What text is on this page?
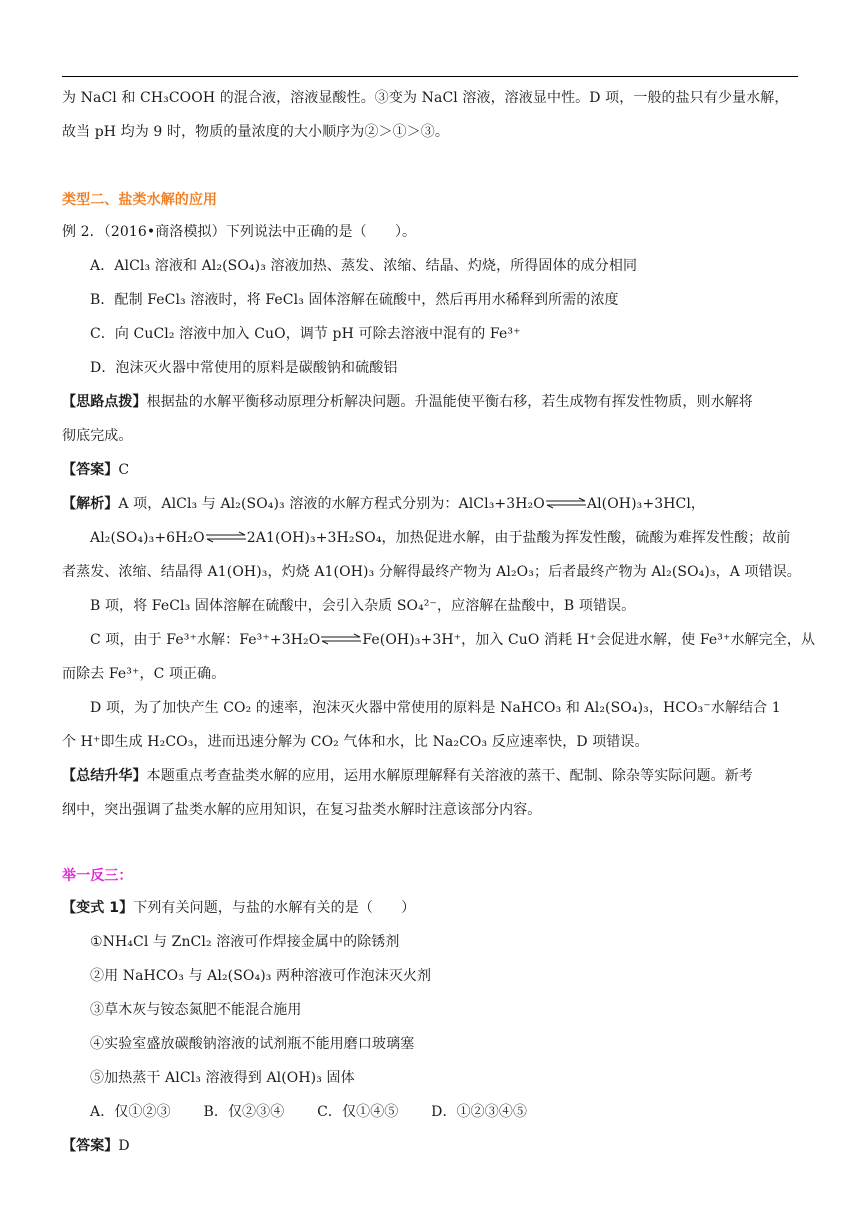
为 NaCl 和 CH₃COOH 的混合液，溶液显酸性。③变为 NaCl 溶液，溶液显中性。D 项，一般的盐只有少量水解，
故当 pH 均为 9 时，物质的量浓度的大小顺序为②＞①＞③。
类型二、盐类水解的应用
例 2．（2016•商洛模拟）下列说法中正确的是（　　）。
A．AlCl₃ 溶液和 Al₂(SO₄)₃ 溶液加热、蒸发、浓缩、结晶、灼烧，所得固体的成分相同
B．配制 FeCl₃ 溶液时，将 FeCl₃ 固体溶解在硫酸中，然后再用水稀释到所需的浓度
C．向 CuCl₂ 溶液中加入 CuO，调节 pH 可除去溶液中混有的 Fe³⁺
D．泡沫灭火器中常使用的原料是碳酸钠和硫酸铝
【思路点拨】根据盐的水解平衡移动原理分析解决问题。升温能使平衡右移，若生成物有挥发性物质，则水解将
彻底完成。
【答案】C
【解析】A 项，AlCl₃ 与 Al₂(SO₄)₃ 溶液的水解方程式分别为：AlCl₃+3H₂O⇌Al(OH)₃+3HCl，
Al₂(SO₄)₃+6H₂O⇌2A1(OH)₃+3H₂SO₄，加热促进水解，由于盐酸为挥发性酸，硫酸为难挥发性酸；故前
者蒸发、浓缩、结晶得 A1(OH)₃，灼烧 A1(OH)₃ 分解得最终产物为 Al₂O₃；后者最终产物为 Al₂(SO₄)₃，A 项错误。
B 项，将 FeCl₃ 固体溶解在硫酸中，会引入杂质 SO₄²⁻，应溶解在盐酸中，B 项错误。
C 项，由于 Fe³⁺水解：Fe³⁺+3H₂O⇌Fe(OH)₃+3H⁺，加入 CuO 消耗 H⁺会促进水解，使 Fe³⁺水解完全，从
而除去 Fe³⁺，C 项正确。
D 项，为了加快产生 CO₂ 的速率，泡沫灭火器中常使用的原料是 NaHCO₃ 和 Al₂(SO₄)₃，HCO₃⁻水解结合 1
个 H⁺即生成 H₂CO₃，进而迅速分解为 CO₂ 气体和水，比 Na₂CO₃ 反应速率快，D 项错误。
【总结升华】本题重点考查盐类水解的应用，运用水解原理解释有关溶液的蒸干、配制、除杂等实际问题。新考
纲中，突出强调了盐类水解的应用知识，在复习盐类水解时注意该部分内容。
举一反三：
【变式 1】下列有关问题，与盐的水解有关的是（　　）
①NH₄Cl 与 ZnCl₂ 溶液可作焊接金属中的除锈剂
②用 NaHCO₃ 与 Al₂(SO₄)₃ 两种溶液可作泡沫灭火剂
③草木灰与铵态氮肥不能混合施用
④实验室盛放碳酸钠溶液的试剂瓶不能用磨口玻璃塞
⑤加热蒸干 AlCl₃ 溶液得到 Al(OH)₃ 固体
A．仅①②③　　 B．仅②③④　　 C．仅①④⑤　　 D．①②③④⑤
【答案】D
